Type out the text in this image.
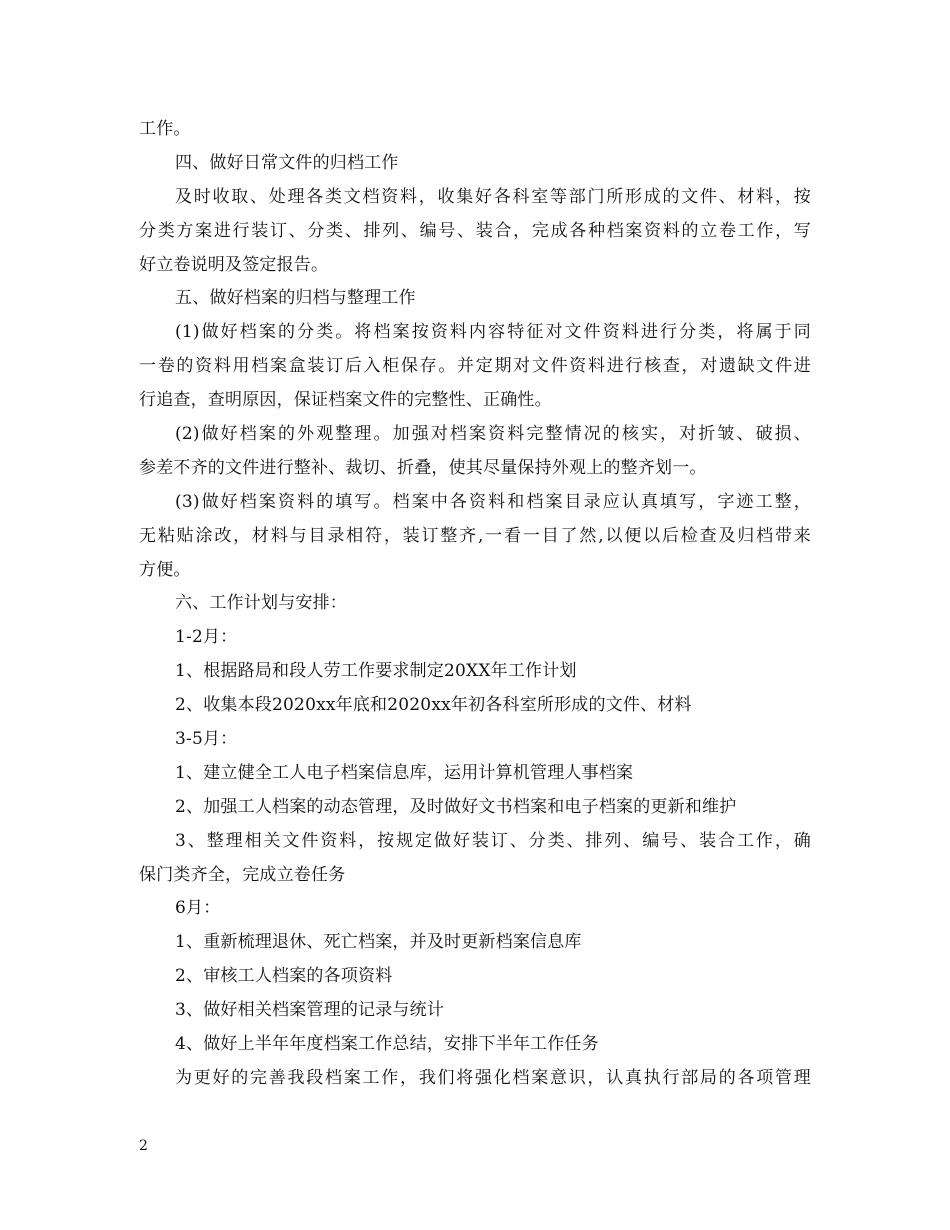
工作。
四、做好日常文件的归档工作
及时收取、处理各类文档资料，收集好各科室等部门所形成的文件、材料，按
分类方案进行装订、分类、排列、编号、装合，完成各种档案资料的立卷工作，写
好立卷说明及签定报告。
五、做好档案的归档与整理工作
(1)做好档案的分类。将档案按资料内容特征对文件资料进行分类，将属于同
一卷的资料用档案盒装订后入柜保存。并定期对文件资料进行核查，对遗缺文件进
行追查，查明原因，保证档案文件的完整性、正确性。
(2)做好档案的外观整理。加强对档案资料完整情况的核实，对折皱、破损、
参差不齐的文件进行整补、裁切、折叠，使其尽量保持外观上的整齐划一。
(3)做好档案资料的填写。档案中各资料和档案目录应认真填写，字迹工整，
无粘贴涂改，材料与目录相符，装订整齐,一看一目了然,以便以后检查及归档带来
方便。
六、工作计划与安排：
1-2月：
1、根据路局和段人劳工作要求制定20XX年工作计划
2、收集本段2020xx年底和2020xx年初各科室所形成的文件、材料
3-5月：
1、建立健全工人电子档案信息库，运用计算机管理人事档案
2、加强工人档案的动态管理，及时做好文书档案和电子档案的更新和维护
3、整理相关文件资料，按规定做好装订、分类、排列、编号、装合工作，确
保门类齐全，完成立卷任务
6月：
1、重新梳理退休、死亡档案，并及时更新档案信息库
2、审核工人档案的各项资料
3、做好相关档案管理的记录与统计
4、做好上半年年度档案工作总结，安排下半年工作任务
为更好的完善我段档案工作，我们将强化档案意识，认真执行部局的各项管理
2
